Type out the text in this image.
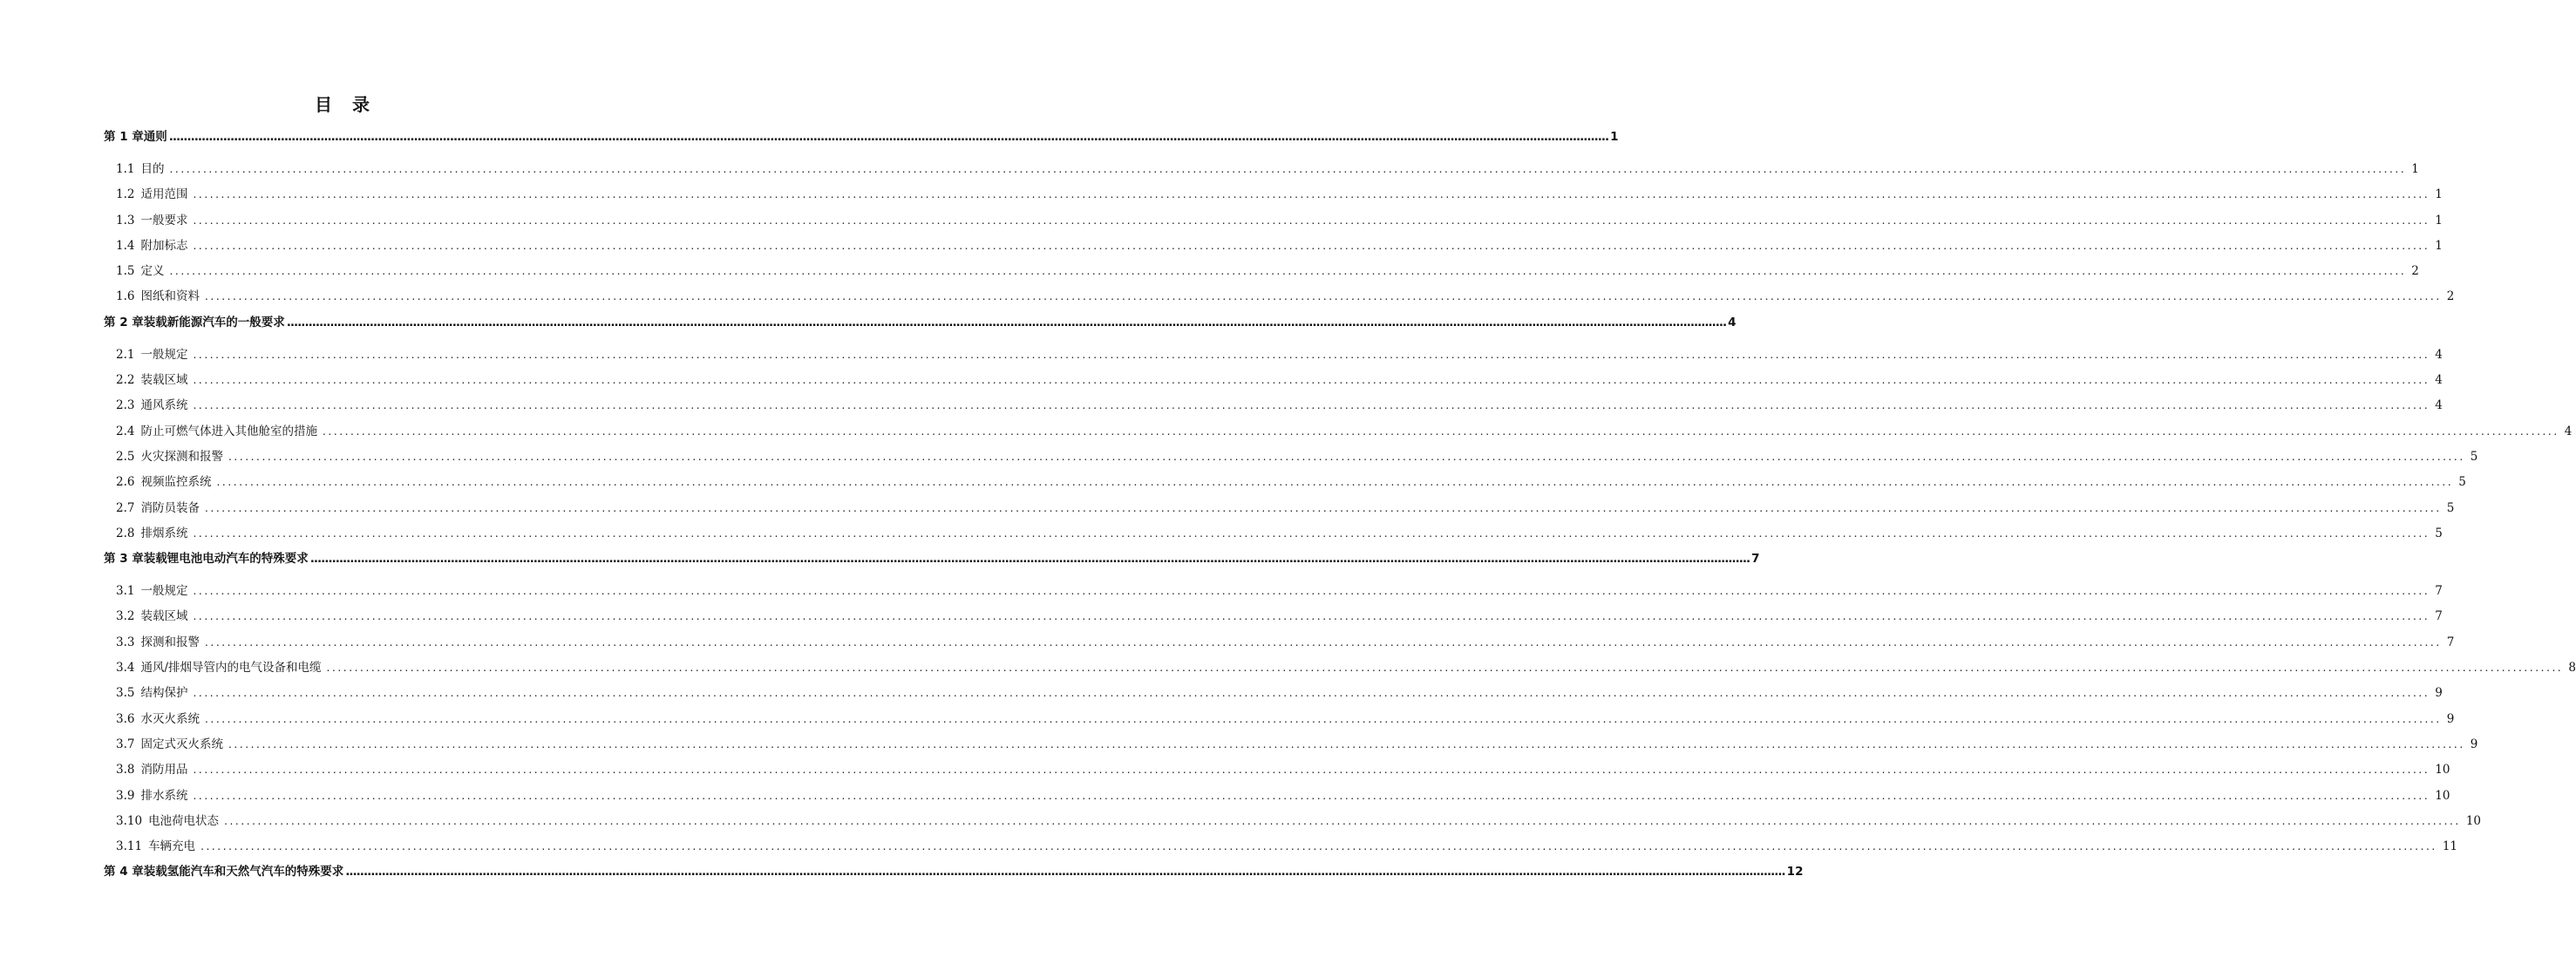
目 录
第 1 章通则 ................................................................................................................................................................................................................................................................................................................................................................................................................ 1
1.1 目的 ................................................................................................................................................................................................................................................................................................................................................................................................................ 1
1.2 适用范围 ................................................................................................................................................................................................................................................................................................................................................................................................................ 1
1.3 一般要求 ................................................................................................................................................................................................................................................................................................................................................................................................................ 1
1.4 附加标志 ................................................................................................................................................................................................................................................................................................................................................................................................................ 1
1.5 定义 ................................................................................................................................................................................................................................................................................................................................................................................................................ 2
1.6 图纸和资料 ................................................................................................................................................................................................................................................................................................................................................................................................................ 2
第 2 章装载新能源汽车的一般要求 ................................................................................................................................................................................................................................................................................................................................................................................................................ 4
2.1 一般规定 ................................................................................................................................................................................................................................................................................................................................................................................................................ 4
2.2 装载区域 ................................................................................................................................................................................................................................................................................................................................................................................................................ 4
2.3 通风系统 ................................................................................................................................................................................................................................................................................................................................................................................................................ 4
2.4 防止可燃气体进入其他舱室的措施 ................................................................................................................................................................................................................................................................................................................................................................................................................ 4
2.5 火灾探测和报警 ................................................................................................................................................................................................................................................................................................................................................................................................................ 5
2.6 视频监控系统 ................................................................................................................................................................................................................................................................................................................................................................................................................ 5
2.7 消防员装备 ................................................................................................................................................................................................................................................................................................................................................................................................................ 5
2.8 排烟系统 ................................................................................................................................................................................................................................................................................................................................................................................................................ 5
第 3 章装载锂电池电动汽车的特殊要求 ................................................................................................................................................................................................................................................................................................................................................................................................................ 7
3.1 一般规定 ................................................................................................................................................................................................................................................................................................................................................................................................................ 7
3.2 装载区域 ................................................................................................................................................................................................................................................................................................................................................................................................................ 7
3.3 探测和报警 ................................................................................................................................................................................................................................................................................................................................................................................................................ 7
3.4 通风/排烟导管内的电气设备和电缆 ................................................................................................................................................................................................................................................................................................................................................................................................................ 8
3.5 结构保护 ................................................................................................................................................................................................................................................................................................................................................................................................................ 9
3.6 水灭火系统 ................................................................................................................................................................................................................................................................................................................................................................................................................ 9
3.7 固定式灭火系统 ................................................................................................................................................................................................................................................................................................................................................................................................................ 9
3.8 消防用品 ................................................................................................................................................................................................................................................................................................................................................................................................................ 10
3.9 排水系统 ................................................................................................................................................................................................................................................................................................................................................................................................................ 10
3.10 电池荷电状态 ................................................................................................................................................................................................................................................................................................................................................................................................................ 10
3.11 车辆充电 ................................................................................................................................................................................................................................................................................................................................................................................................................ 11
第 4 章装载氢能汽车和天然气汽车的特殊要求 ................................................................................................................................................................................................................................................................................................................................................................................................................ 12
